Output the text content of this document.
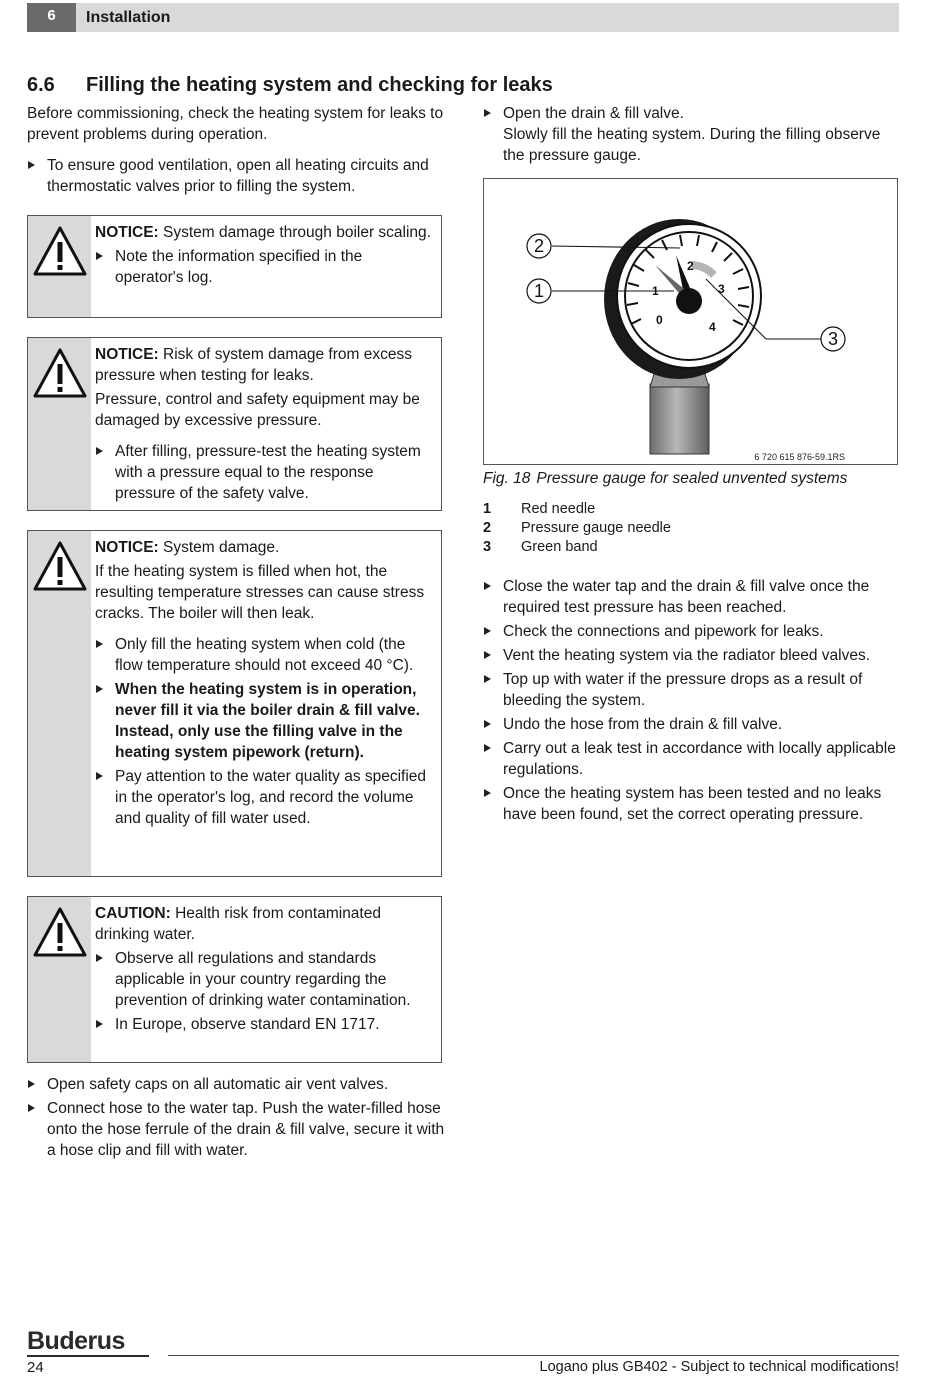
6	Installation
6.6 Filling the heating system and checking for leaks

Before commissioning, check the heating system for leaks to prevent problems during operation.

To ensure good ventilation, open all heating circuits and thermostatic valves prior to filling the system.

NOTICE: System damage through boiler scaling.

Note the information specified in the operator's log.

NOTICE: Risk of system damage from excess pressure when testing for leaks.

Pressure, control and safety equipment may be damaged by excessive pressure.

After filling, pressure-test the heating system with a pressure equal to the response pressure of the safety valve.

NOTICE: System damage.

If the heating system is filled when hot, the resulting temperature stresses can cause stress cracks. The boiler will then leak.

Only fill the heating system when cold (the flow temperature should not exceed 40 °C).
When the heating system is in operation, never fill it via the boiler drain & fill valve. Instead, only use the filling valve in the heating system pipework (return).
Pay attention to the water quality as specified in the operator's log, and record the volume and quality of fill water used.

CAUTION: Health risk from contaminated drinking water.

Observe all regulations and standards applicable in your country regarding the prevention of drinking water contamination.
In Europe, observe standard EN 1717.
Open safety caps on all automatic air vent valves.
Connect hose to the water tap. Push the water-filled hose onto the hose ferrule of the drain & fill valve, secure it with a hose clip and fill with water.
Open the drain & fill valve.

Slowly fill the heating system. During the filling observe the pressure gauge.

0
1
2
3
4
2
1
3
6 720 615 876-59.1RS
Fig. 18 Pressure gauge for sealed unvented systems
1 Red needle
2 Pressure gauge needle
3 Green band
Close the water tap and the drain & fill valve once the required test pressure has been reached.
Check the connections and pipework for leaks.
Vent the heating system via the radiator bleed valves.
Top up with water if the pressure drops as a result of bleeding the system.
Undo the hose from the drain & fill valve.
Carry out a leak test in accordance with locally applicable regulations.
Once the heating system has been tested and no leaks have been found, set the correct operating pressure.
Buderus
24	Logano plus GB402 - Subject to technical modifications!
